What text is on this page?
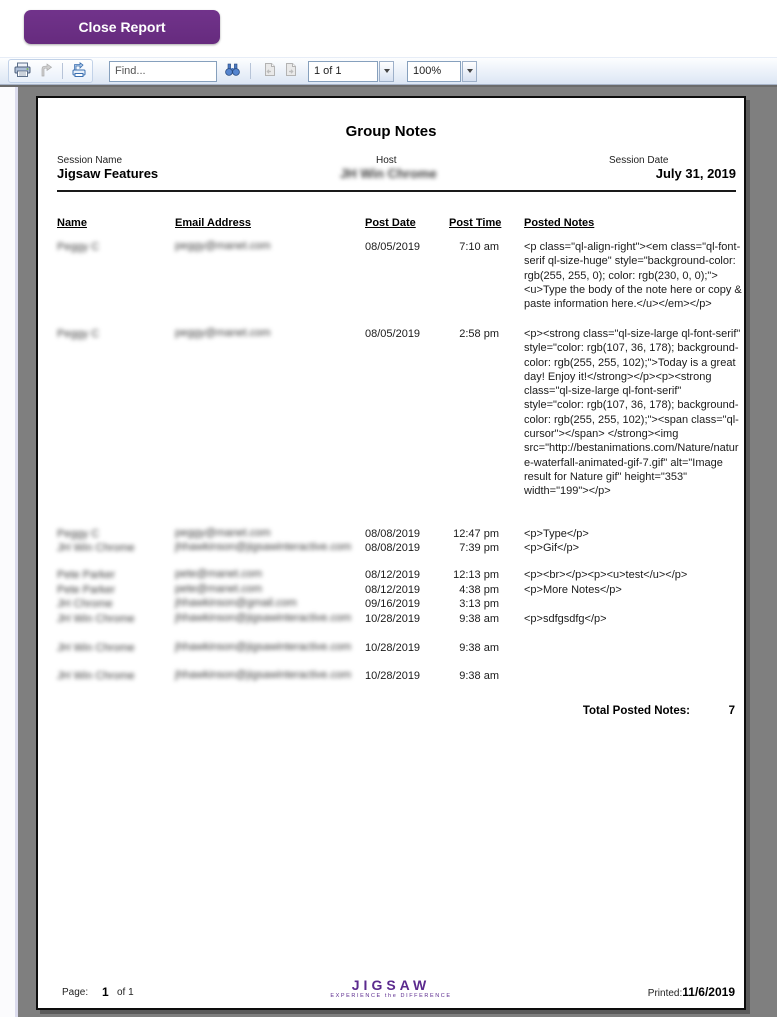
Close Report
Find...
1 of 1	100%
Group Notes
Session Name
Jigsaw Features
Host
JH Win Chrome
Session Date
July 31, 2019
Name	Email Address	Post Date	Post Time Posted Notes
Peggy C	peggy@manet.com	08/05/2019	7:10 am <p class="ql-align-right"><em class="ql-font-serif ql-size-huge" style="background-color: rgb(255, 255, 0); color: rgb(230, 0, 0);"><u>Type the body of the note here or copy & paste information here.</u></em></p>
Peggy C	peggy@manet.com	08/05/2019	2:58 pm <p><strong class="ql-size-large ql-font-serif" style="color: rgb(107, 36, 178); background-color: rgb(255, 255, 102);">Today is a great day! Enjoy it!</strong></p><p><strong class="ql-size-large ql-font-serif" style="color: rgb(107, 36, 178); background-color: rgb(255, 255, 102);"><span class="ql-cursor"></span> </strong><img src="http://bestanimations.com/Nature/nature-waterfall-animated-gif-7.gif" alt="Image result for Nature gif" height="353" width="199"></p>
Peggy C	peggy@manet.com	08/08/2019	12:47 pm <p>Type</p>
JH Win Chrome	jhhawkinson@jigsawinteractive.com	08/08/2019	7:39 pm <p>Gif</p>
Pete Parker	pete@manet.com	08/12/2019	12:13 pm <p><br></p><p><u>test</u></p>
Pete Parker	pete@manet.com	08/12/2019	4:38 pm <p>More Notes</p>
JH Chrome	jhhawkinson@gmail.com	09/16/2019	3:13 pm
JH Win Chrome	jhhawkinson@jigsawinteractive.com	10/28/2019	9:38 am <p>sdfgsdfg</p>
JH Win Chrome	jhhawkinson@jigsawinteractive.com	10/28/2019	9:38 am
JH Win Chrome	jhhawkinson@jigsawinteractive.com	10/28/2019	9:38 am
Total Posted Notes:	7
Page: 1 of 1	JIGSAW
EXPERIENCE the DIFFERENCE	Printed: 11/6/2019
